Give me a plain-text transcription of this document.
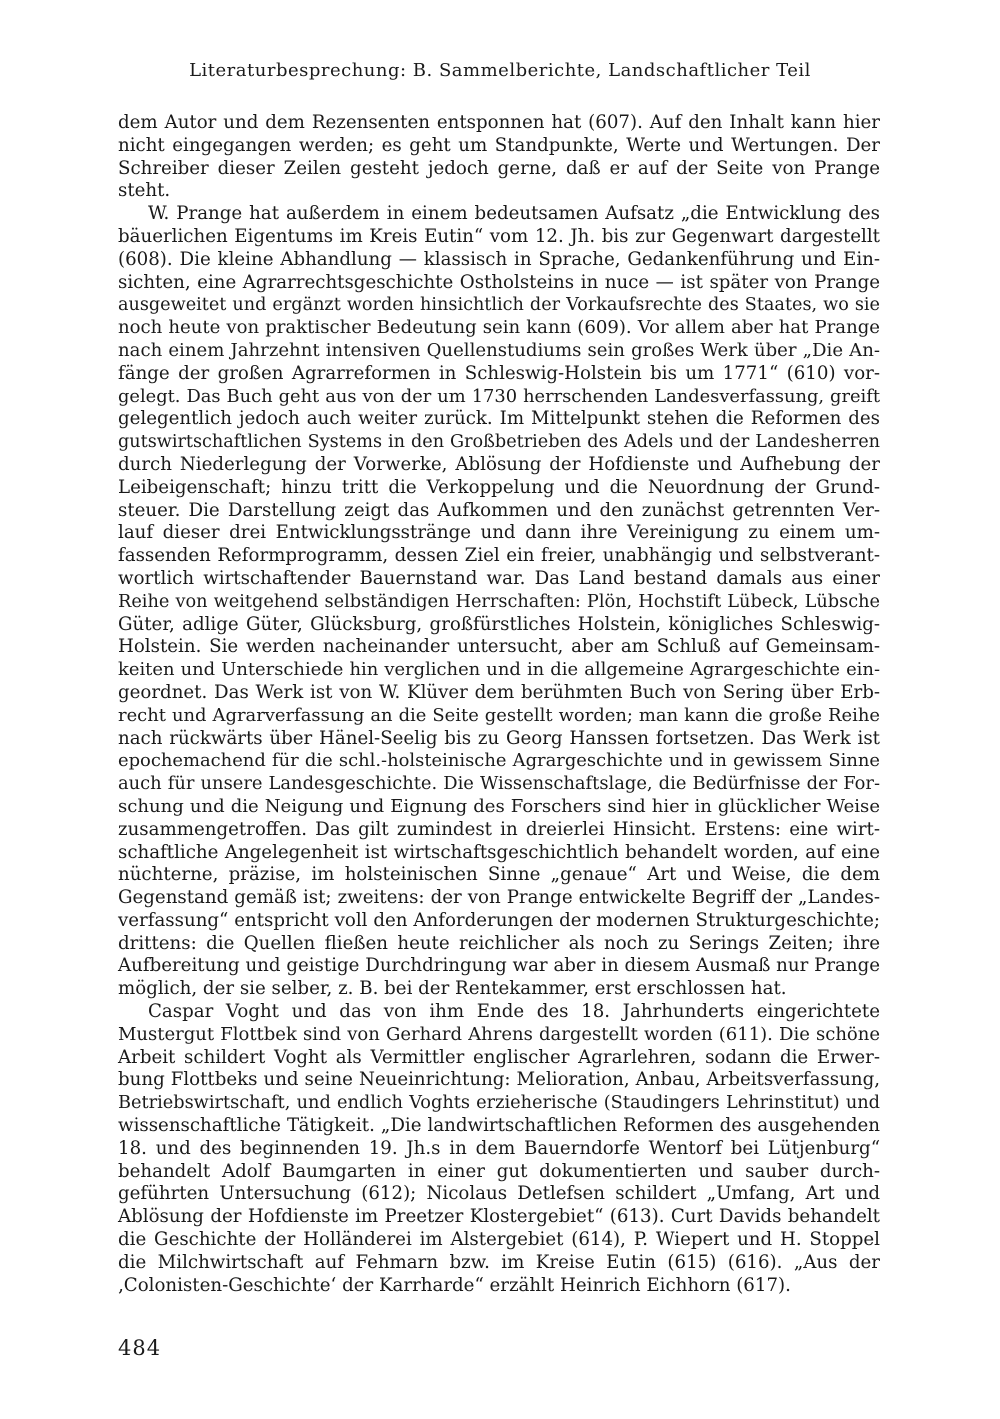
Literaturbesprechung: B. Sammelberichte, Landschaftlicher Teil

dem Autor und dem Rezensenten entsponnen hat (607). Auf den Inhalt kann hier

nicht eingegangen werden; es geht um Standpunkte, Werte und Wertungen. Der

Schreiber dieser Zeilen gesteht jedoch gerne, daß er auf der Seite von Prange

steht.

W. Prange hat außerdem in einem bedeutsamen Aufsatz „die Entwicklung des

bäuerlichen Eigentums im Kreis Eutin“ vom 12. Jh. bis zur Gegenwart dargestellt

(608). Die kleine Abhandlung — klassisch in Sprache, Gedankenführung und Ein-

sichten, eine Agrarrechtsgeschichte Ostholsteins in nuce — ist später von Prange

ausgeweitet und ergänzt worden hinsichtlich der Vorkaufsrechte des Staates, wo sie

noch heute von praktischer Bedeutung sein kann (609). Vor allem aber hat Prange

nach einem Jahrzehnt intensiven Quellenstudiums sein großes Werk über „Die An-

fänge der großen Agrarreformen in Schleswig-Holstein bis um 1771“ (610) vor-

gelegt. Das Buch geht aus von der um 1730 herrschenden Landesverfassung, greift

gelegentlich jedoch auch weiter zurück. Im Mittelpunkt stehen die Reformen des

gutswirtschaftlichen Systems in den Großbetrieben des Adels und der Landesherren

durch Niederlegung der Vorwerke, Ablösung der Hofdienste und Aufhebung der

Leibeigenschaft; hinzu tritt die Verkoppelung und die Neuordnung der Grund-

steuer. Die Darstellung zeigt das Aufkommen und den zunächst getrennten Ver-

lauf dieser drei Entwicklungsstränge und dann ihre Vereinigung zu einem um-

fassenden Reformprogramm, dessen Ziel ein freier, unabhängig und selbstverant-

wortlich wirtschaftender Bauernstand war. Das Land bestand damals aus einer

Reihe von weitgehend selbständigen Herrschaften: Plön, Hochstift Lübeck, Lübsche

Güter, adlige Güter, Glücksburg, großfürstliches Holstein, königliches Schleswig-

Holstein. Sie werden nacheinander untersucht, aber am Schluß auf Gemeinsam-

keiten und Unterschiede hin verglichen und in die allgemeine Agrargeschichte ein-

geordnet. Das Werk ist von W. Klüver dem berühmten Buch von Sering über Erb-

recht und Agrarverfassung an die Seite gestellt worden; man kann die große Reihe

nach rückwärts über Hänel-Seelig bis zu Georg Hanssen fortsetzen. Das Werk ist

epochemachend für die schl.-holsteinische Agrargeschichte und in gewissem Sinne

auch für unsere Landesgeschichte. Die Wissenschaftslage, die Bedürfnisse der For-

schung und die Neigung und Eignung des Forschers sind hier in glücklicher Weise

zusammengetroffen. Das gilt zumindest in dreierlei Hinsicht. Erstens: eine wirt-

schaftliche Angelegenheit ist wirtschaftsgeschichtlich behandelt worden, auf eine

nüchterne, präzise, im holsteinischen Sinne „genaue“ Art und Weise, die dem

Gegenstand gemäß ist; zweitens: der von Prange entwickelte Begriff der „Landes-

verfassung“ entspricht voll den Anforderungen der modernen Strukturgeschichte;

drittens: die Quellen fließen heute reichlicher als noch zu Serings Zeiten; ihre

Aufbereitung und geistige Durchdringung war aber in diesem Ausmaß nur Prange

möglich, der sie selber, z. B. bei der Rentekammer, erst erschlossen hat.

Caspar Voght und das von ihm Ende des 18. Jahrhunderts eingerichtete

Mustergut Flottbek sind von Gerhard Ahrens dargestellt worden (611). Die schöne

Arbeit schildert Voght als Vermittler englischer Agrarlehren, sodann die Erwer-

bung Flottbeks und seine Neueinrichtung: Melioration, Anbau, Arbeitsverfassung,

Betriebswirtschaft, und endlich Voghts erzieherische (Staudingers Lehrinstitut) und

wissenschaftliche Tätigkeit. „Die landwirtschaftlichen Reformen des ausgehenden

18. und des beginnenden 19. Jh.s in dem Bauerndorfe Wentorf bei Lütjenburg“

behandelt Adolf Baumgarten in einer gut dokumentierten und sauber durch-

geführten Untersuchung (612); Nicolaus Detlefsen schildert „Umfang, Art und

Ablösung der Hofdienste im Preetzer Klostergebiet“ (613). Curt Davids behandelt

die Geschichte der Holländerei im Alstergebiet (614), P. Wiepert und H. Stoppel

die Milchwirtschaft auf Fehmarn bzw. im Kreise Eutin (615) (616). „Aus der

‚Colonisten-Geschichte‘ der Karrharde“ erzählt Heinrich Eichhorn (617).

484
